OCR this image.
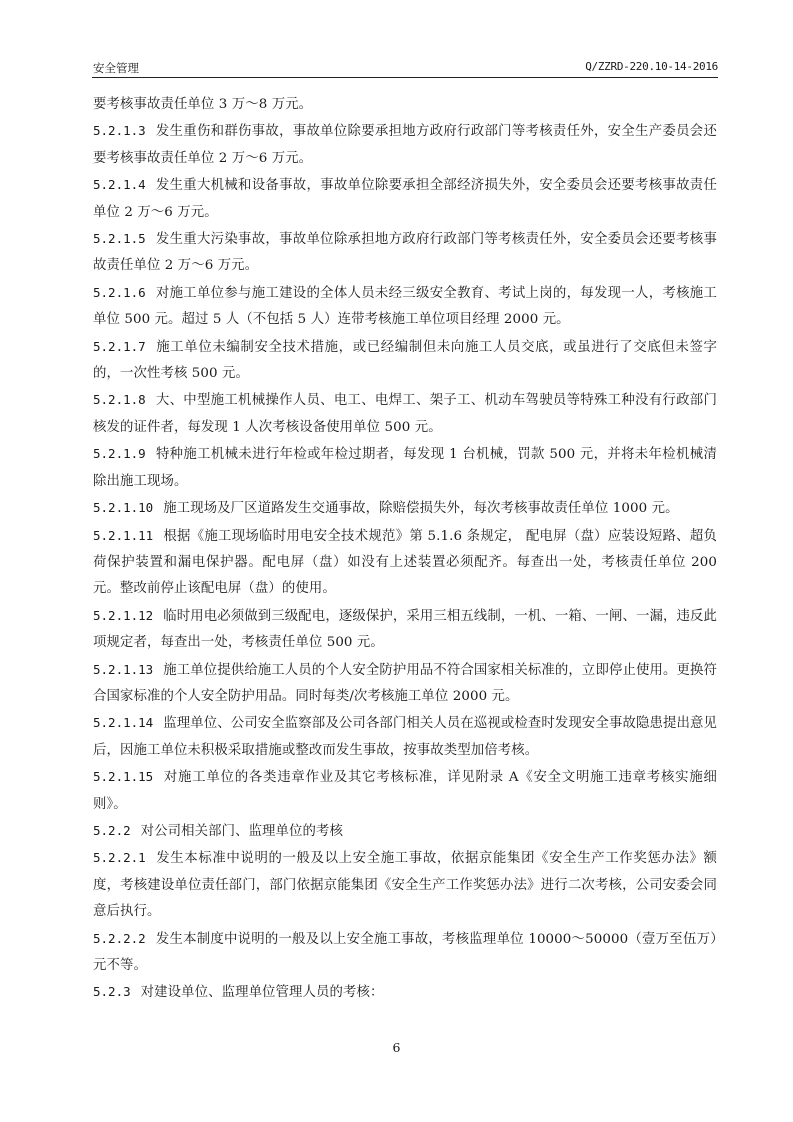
安全管理	Q/ZZRD-220.10-14-2016

要考核事故责任单位 3 万～8 万元。

5.2.1.3 发生重伤和群伤事故，事故单位除要承担地方政府行政部门等考核责任外，安全生产委员会还要考核事故责任单位 2 万～6 万元。

5.2.1.4 发生重大机械和设备事故，事故单位除要承担全部经济损失外，安全委员会还要考核事故责任单位 2 万～6 万元。

5.2.1.5 发生重大污染事故，事故单位除承担地方政府行政部门等考核责任外，安全委员会还要考核事故责任单位 2 万～6 万元。

5.2.1.6 对施工单位参与施工建设的全体人员未经三级安全教育、考试上岗的，每发现一人，考核施工单位 500 元。超过 5 人（不包括 5 人）连带考核施工单位项目经理 2000 元。

5.2.1.7 施工单位未编制安全技术措施，或已经编制但未向施工人员交底，或虽进行了交底但未签字的，一次性考核 500 元。

5.2.1.8 大、中型施工机械操作人员、电工、电焊工、架子工、机动车驾驶员等特殊工种没有行政部门核发的证件者，每发现 1 人次考核设备使用单位 500 元。

5.2.1.9 特种施工机械未进行年检或年检过期者，每发现 1 台机械，罚款 500 元，并将未年检机械清除出施工现场。

5.2.1.10 施工现场及厂区道路发生交通事故，除赔偿损失外，每次考核事故责任单位 1000 元。

5.2.1.11 根据《施工现场临时用电安全技术规范》第 5.1.6 条规定， 配电屏（盘）应装设短路、超负荷保护装置和漏电保护器。配电屏（盘）如没有上述装置必须配齐。每查出一处，考核责任单位 200 元。整改前停止该配电屏（盘）的使用。

5.2.1.12 临时用电必须做到三级配电，逐级保护，采用三相五线制，一机、一箱、一闸、一漏，违反此项规定者，每查出一处，考核责任单位 500 元。

5.2.1.13 施工单位提供给施工人员的个人安全防护用品不符合国家相关标准的，立即停止使用。更换符合国家标准的个人安全防护用品。同时每类/次考核施工单位 2000 元。

5.2.1.14 监理单位、公司安全监察部及公司各部门相关人员在巡视或检查时发现安全事故隐患提出意见后，因施工单位未积极采取措施或整改而发生事故，按事故类型加倍考核。

5.2.1.15 对施工单位的各类违章作业及其它考核标准，详见附录 A《安全文明施工违章考核实施细则》。

5.2.2 对公司相关部门、监理单位的考核

5.2.2.1 发生本标准中说明的一般及以上安全施工事故，依据京能集团《安全生产工作奖惩办法》额度，考核建设单位责任部门，部门依据京能集团《安全生产工作奖惩办法》进行二次考核，公司安委会同意后执行。

5.2.2.2 发生本制度中说明的一般及以上安全施工事故，考核监理单位 10000～50000（壹万至伍万）元不等。

5.2.3 对建设单位、监理单位管理人员的考核：

6
